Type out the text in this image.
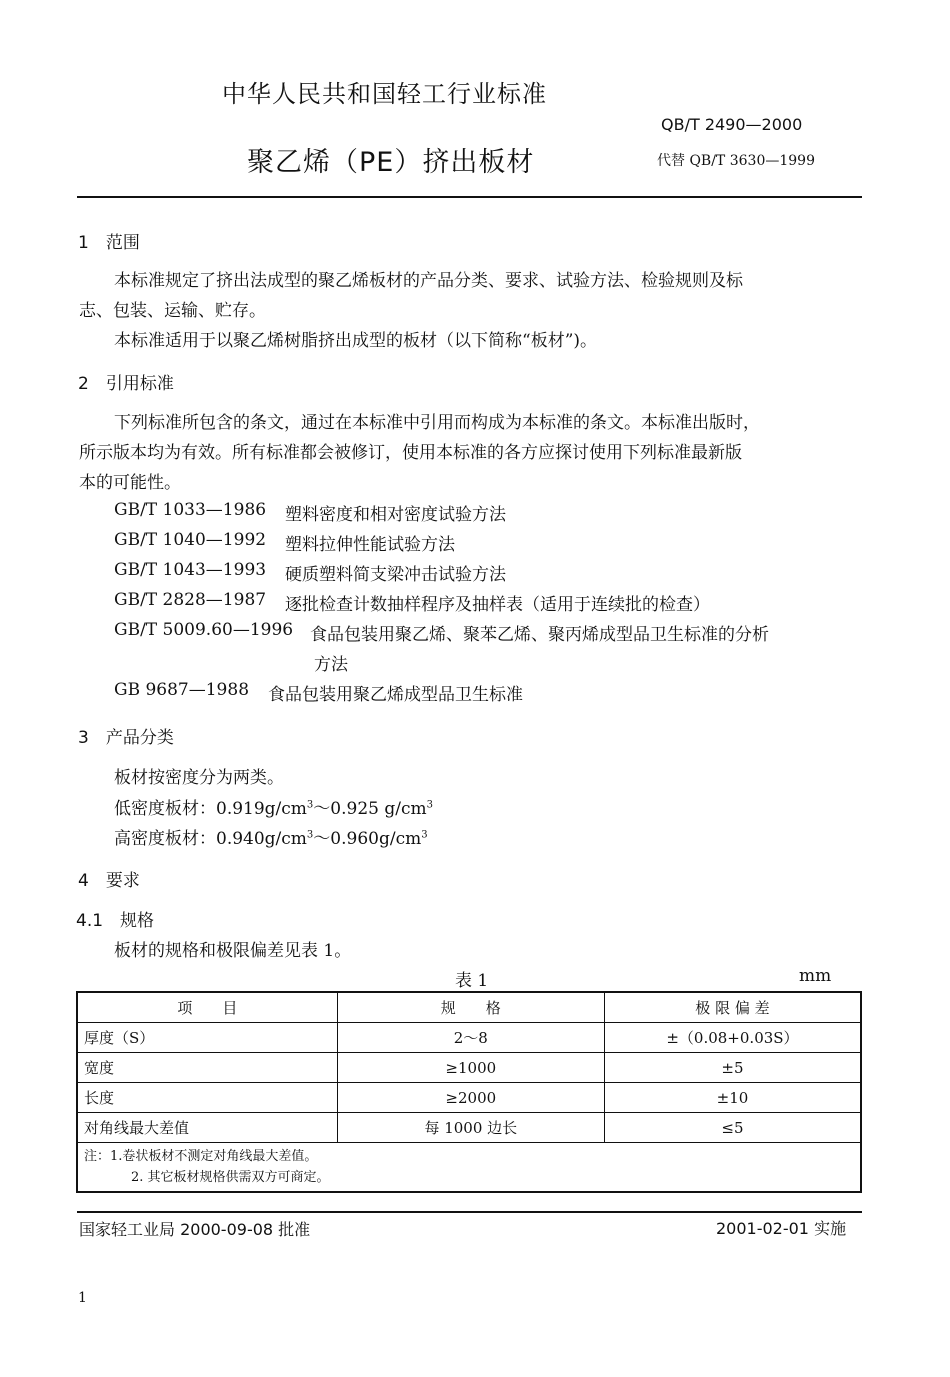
中华人民共和国轻工行业标准
QB/T 2490—2000
聚乙烯（PE）挤出板材	代替 QB/T 3630—1999
1　范围
本标准规定了挤出法成型的聚乙烯板材的产品分类、要求、试验方法、检验规则及标
志、包装、运输、贮存。
本标准适用于以聚乙烯树脂挤出成型的板材（以下简称“板材”)。
2　引用标准
下列标准所包含的条文，通过在本标准中引用而构成为本标准的条文。本标准出版时，
所示版本均为有效。所有标准都会被修订，使用本标准的各方应探讨使用下列标准最新版
本的可能性。
GB/T 1033—1986 塑料密度和相对密度试验方法
GB/T 1040—1992 塑料拉伸性能试验方法
GB/T 1043—1993 硬质塑料简支梁冲击试验方法
GB/T 2828—1987 逐批检查计数抽样程序及抽样表（适用于连续批的检查）
GB/T 5009.60—1996 食品包装用聚乙烯、聚苯乙烯、聚丙烯成型品卫生标准的分析
方法
GB 9687—1988 食品包装用聚乙烯成型品卫生标准
3　产品分类
板材按密度分为两类。
低密度板材：$0.919g/cm^3\sim 0.925$ $g/cm^3$
高密度板材：$0.940g/cm^3\sim 0.960g/cm^3$
4　要求
4.1　规格
板材的规格和极限偏差见表 1。
表 1	mm
项　　目	规　　格	极 限 偏 差
厚度（S）	2～8	±（0.08+0.03S）
宽度	≥1000	±5
长度	≥2000	±10
对角线最大差值	每 1000 边长	≤5

注：1.卷状板材不测定对角线最大差值。
2. 其它板材规格供需双方可商定。		
国家轻工业局 2000-09-08 批准	2001-02-01 实施
1
